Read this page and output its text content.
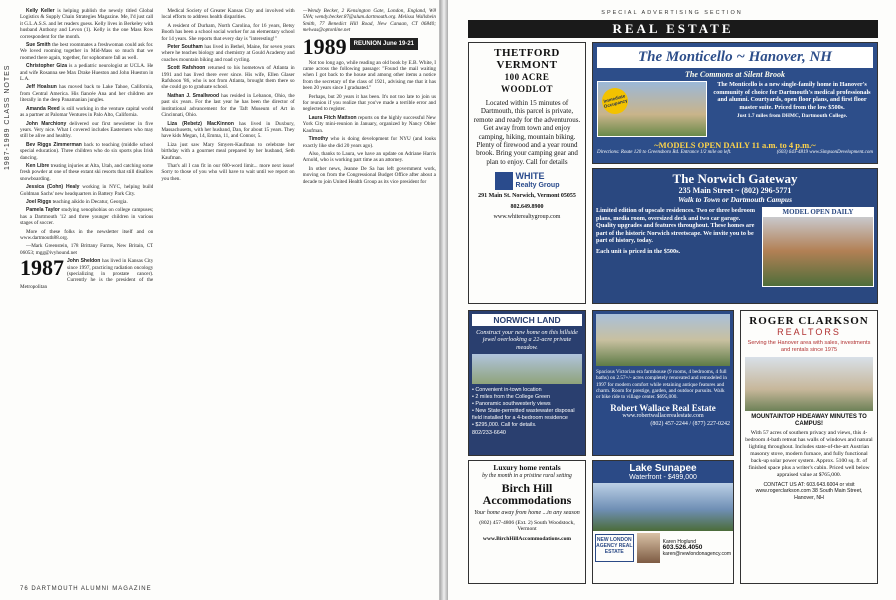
1987-1989 CLASS NOTES

Kelly Keller is helping publish the newsly titled Global Logistics & Supply Chain Strategies Magazine. Me, I'd just call it G.L.A.S.S. and let readers guess. Kelly lives in Berkeley with husband Anthony and Levon (1). Kelly is the one Mass Row correspondent for the month.

Sue Smith the best roommates a freshwoman could ask for. We loved rooming together in Mid-Mass so much that we roomed there again, together, for sophomore fall as well.

Christopher Giza is a pediatric neurologist at UCLA. He and wife Rosanna see Max Drake Hueston and John Hueston in L.A.

Jeff Hoalsun has moved back to Lake Tahoe, California, from Central America. His fiancée Ana and her children are literally in the deep Panamanian jungles.

Amanda Reed is still working in the venture capital world as a partner at Palomar Ventures in Palo Alto, California.

John Marchiony delivered our first newsletter in five years. Very nice. What I covered includes Easterners who may still be alive and healthy.

Bev Riggs Zimmerman back to teaching (middle school special education). Three children who do six sports plus Irish dancing.

Ken Libre treating injuries at Alta, Utah, and catching some fresh powder at one of these extant ski resorts that still disallow snowboarding.

Jessica (Cohn) Healy working in NYC, helping build Goldman Sachs' new headquarters in Battery Park City.

Joel Riggs teaching aikido in Decatur, Georgia.

Pamela Taylor studying xenophobias on college campuses; has a Dartmouth '12 and three younger children in various stages of soccer.

More of these folks in the newsletter itself and on www.dartmouth88.org.

—Mark Greenstein, 178 Brittany Farms, New Britain, CT 06053; mgg@ivyhound.net

1987 John Sheldon has lived in Kansas City since 1997, practicing radiation oncology (specializing in prostate cancer). Currently he is the president of the Metropolitan

Medical Society of Greater Kansas City and involved with local efforts to address health disparities.

A resident of Durham, North Carolina, for 16 years, Betsy Booth has been a school social worker for an elementary school for 14 years. She reports that every day is "interesting!"

Peter Southam has lived in Bethel, Maine, for seven years where he teaches biology and chemistry at Gould Academy and coaches mountain biking and road cycling.

Scott Rafshoon returned to his hometown of Atlanta in 1991 and has lived there ever since. His wife, Ellen Glaser Rafshoon '86, who is not from Atlanta, brought them there so she could go to graduate school.

Nathan J. Smallwood has resided in Lebanon, Ohio, the past six years. For the last year he has been the director of institutional advancement for the Taft Museum of Art in Cincinnati, Ohio.

Liza (Rebetz) MacKinnon has lived in Duxbury, Massachusetts, with her husband, Dan, for about 15 years. They have kids Megan, 14, Emma, 11, and Connor, 5.

Liza just saw Mary Smyers-Kaufman to celebrate her birthday with a gourmet meal prepared by her husband, Seth Kaufman.

That's all I can fit in our 600-word limit... more next issue! Sorry to those of you who will have to wait until we report on you then.

—Wendy Becker, 2 Kensington Gate, London, England, W8 5NA; wendy.becker.87@alum.dartmouth.org. Melissa Wallshein Smith, 77 Benedict Hill Road, New Canaan, CT 06840; melwas@optonline.net

1989	REUNION June 19-21

Not too long ago, while reading an old book by E.B. White, I came across the following passage: "Found the mail waiting when I got back to the house and among other items a notice from the secretary of the class of 1921, advising me that it has been 20 years since I graduated."

Perhaps, but 20 years it has been. It's not too late to join us for reunion if you realize that you've made a terrible error and neglected to register.

Laura Fitch Mattson reports on the highly successful New York City mini-reunion in January, organized by Nancy Obler Kaufman.

Timothy who is doing development for NYU (and looks exactly like she did 20 years ago).

Also, thanks to Laura, we have an update on Adriane Harris Arnold, who is working part time as an attorney.

In other news, Jeanne De Sa has left government work, moving on from the Congressional Budget Office after about a decade to join United Health Group as its vice president for

76 DARTMOUTH ALUMNI MAGAZINE
SPECIAL ADVERTISING SECTION
REAL ESTATE
THETFORD
VERMONT
100 ACRE
WOODLOT
Located within 15 minutes of Dartmouth, this parcel is private, remote and ready for the adventurous. Get away from town and enjoy camping, hiking, mountain biking. Plenty of firewood and a year round brook. Bring your camping gear and plan to enjoy. Call for details
WHITE
Realty Group
291 Main St. Norwich, Vermont 05055
802.649.8900
www.whiterealtygroup.com
The Monticello ~ Hanover, NH
The Commons at Silent Brook
Immediate Occupancy
The Monticello is a new single-family home in Hanover's community of choice for Dartmouth's medical professionals and alumni. Courtyards, open floor plans, and first floor master suite. Priced from the low $500s.
Just 1.7 miles from DHMC, Dartmouth College.
~MODELS OPEN DAILY 11 a.m. to 4 p.m.~
Directions: Route 120 to Greensboro Rd. Entrance 1/2 mile on left.	(603) 643-4819 www.SimpsonDevelopment.com
The Norwich Gateway
235 Main Street ~ (802) 296-5771
Walk to Town or Dartmouth Campus
Limited edition of upscale residences. Two or three bedroom plans, media room, oversized deck and two car garage. Quality upgrades and features throughout. These homes are part of the historic Norwich streetscape. We invite you to be part of history, today.
Each unit is priced in the $500s.
MODEL OPEN DAILY
NORWICH LAND
Construct your new home on this hillside jewel overlooking a 22-acre private meadow.
• Convenient in-town location
• 2 miles from the College Green
• Panoramic southwesterly views
• New State-permitted wastewater disposal field installed for a 4-bedroom residence
• $295,000. Call for details.
802/233-6640
Spacious Victorian era farmhouse (9 rooms, 4 bedrooms, 4 full baths) on 2.57+/- acres completely renovated and remodeled in 1997 for modern comfort while retaining antique features and charm. Room for prestige, garden, and outdoor pursuits. Walk or bike ride to village center. $695,000.
Robert Wallace Real Estate
www.robertwallacerealestate.com
(802) 457-2244 / (877) 227-0242
ROGER CLARKSON
REALTORS
Serving the Hanover area with sales, investments and rentals since 1975
MOUNTAINTOP HIDEAWAY MINUTES TO CAMPUS!
With 57 acres of southern privacy and views, this 4-bedroom 4-bath retreat has walls of windows and natural lighting throughout. Includes state-of-the-art Austrian masonry stove, modern furnace, and fully functional back-up solar power system. Approx. 5100 sq. ft. of finished space plus a writer's cabin. Priced well below appraised value at $765,000.
CONTACT US AT: 603.643.6004 or visit www.rogerclarkson.com 38 South Main Street, Hanover, NH
Luxury home rentals
by the month in a pristine rural setting
Birch Hill Accommodations
Your home away from home ...in any season
(802) 457-4806 (Ext. 2) South Woodstock, Vermont
www.BirchHillAccommodations.com
Lake Sunapee
Waterfront - $499,000
NEW LONDON AGENCY REAL ESTATE
Karen Hoglund
603.526.4050
karen@newlondonagency.com
